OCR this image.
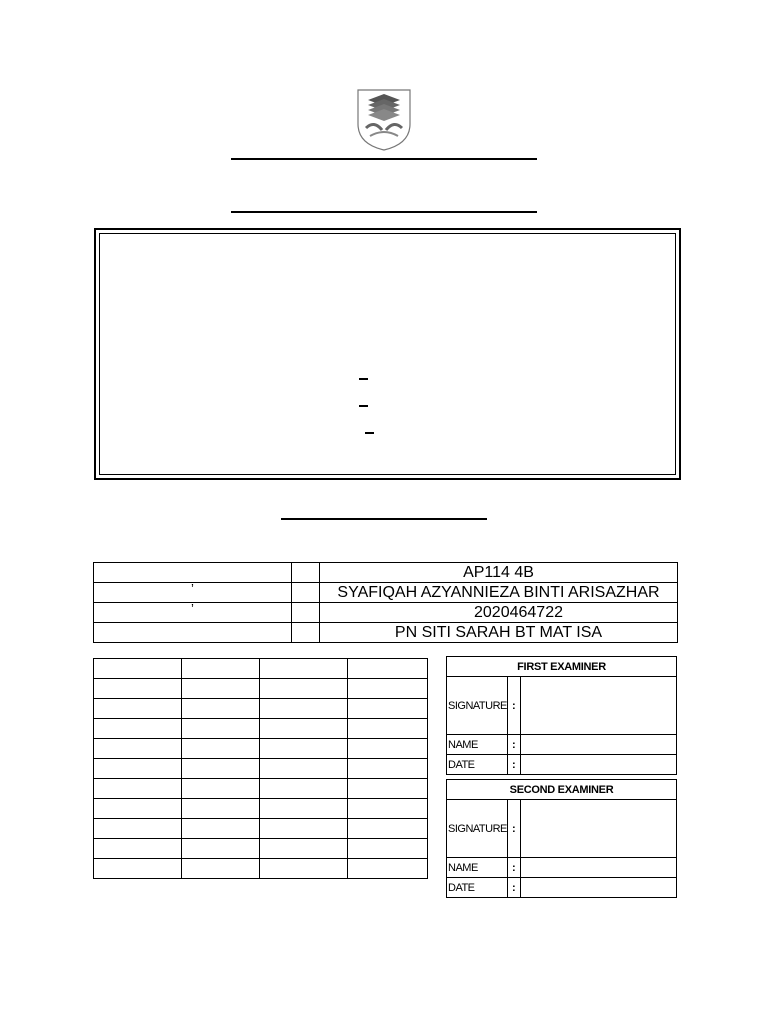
		AP114 4B
’		SYAFIQAH AZYANNIEZA BINTI ARISAZHAR
’		2020464722
		PN SITI SARAH BT MAT ISA

FIRST EXAMINER		
SIGNATURE	:	
NAME	:	
DATE	:	
SECOND EXAMINER		
SIGNATURE	:	
NAME	:	
DATE	:	
